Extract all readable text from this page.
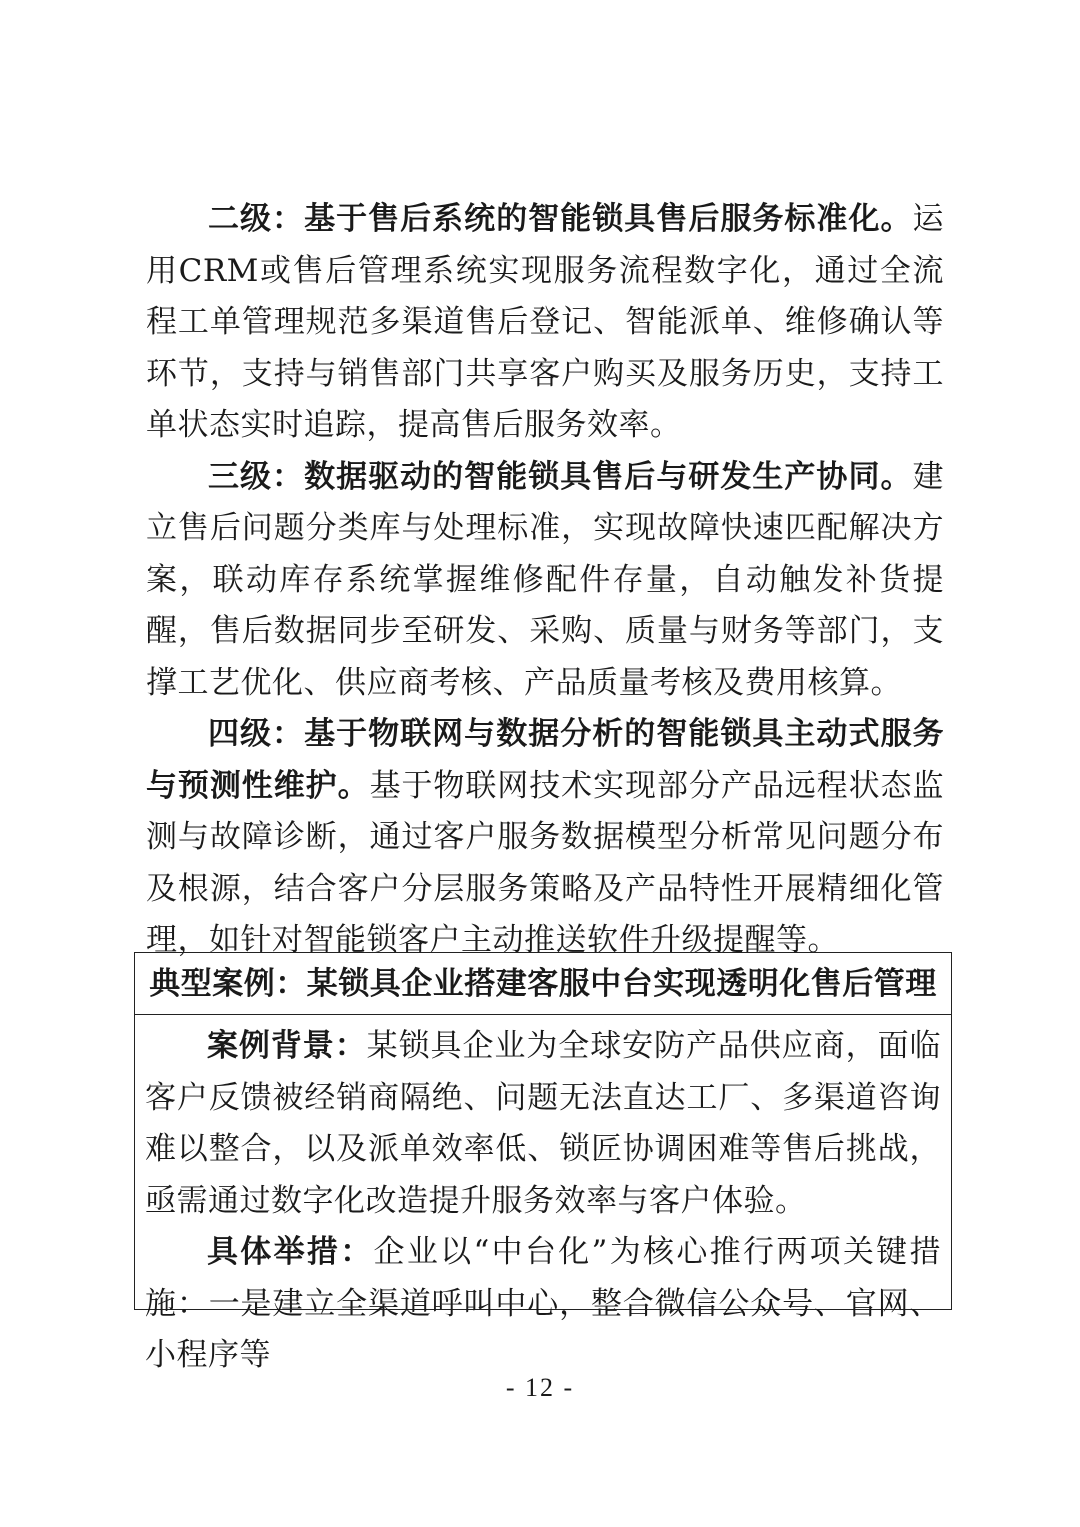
二级：基于售后系统的智能锁具售后服务标准化。运用CRM或售后管理系统实现服务流程数字化，通过全流程工单管理规范多渠道售后登记、智能派单、维修确认等环节，支持与销售部门共享客户购买及服务历史，支持工单状态实时追踪，提高售后服务效率。

三级：数据驱动的智能锁具售后与研发生产协同。建立售后问题分类库与处理标准，实现故障快速匹配解决方案，联动库存系统掌握维修配件存量，自动触发补货提醒，售后数据同步至研发、采购、质量与财务等部门，支撑工艺优化、供应商考核、产品质量考核及费用核算。

四级：基于物联网与数据分析的智能锁具主动式服务与预测性维护。基于物联网技术实现部分产品远程状态监测与故障诊断，通过客户服务数据模型分析常见问题分布及根源，结合客户分层服务策略及产品特性开展精细化管理，如针对智能锁客户主动推送软件升级提醒等。

典型案例：某锁具企业搭建客服中台实现透明化售后管理

案例背景：某锁具企业为全球安防产品供应商，面临客户反馈被经销商隔绝、问题无法直达工厂、多渠道咨询难以整合，以及派单效率低、锁匠协调困难等售后挑战，亟需通过数字化改造提升服务效率与客户体验。

具体举措：企业以“中台化”为核心推行两项关键措施：一是建立全渠道呼叫中心，整合微信公众号、官网、小程序等

- 12 -
